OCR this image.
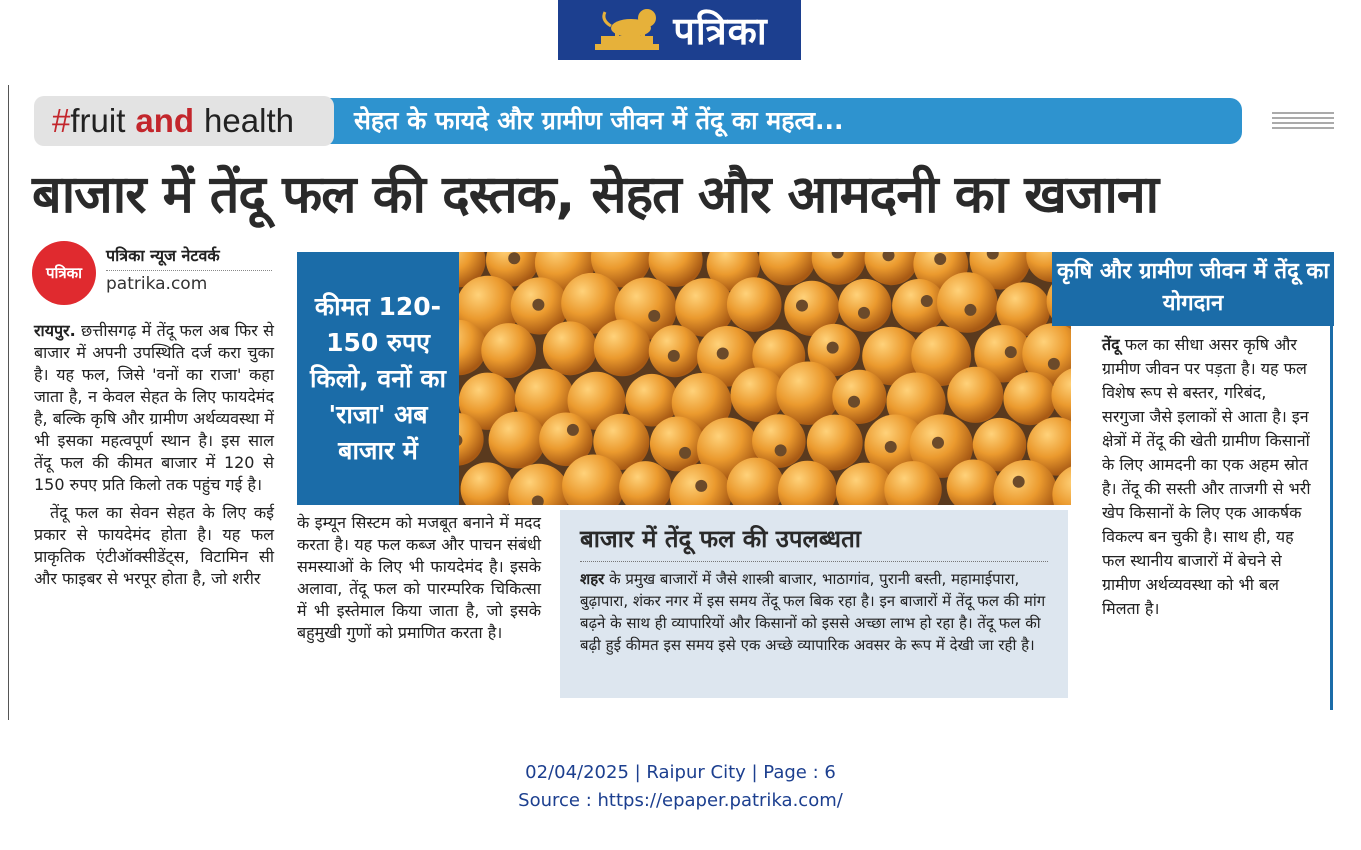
पत्रिका
सेहत के फायदे और ग्रामीण जीवन में तेंदू का महत्व...
# fruit and health
बाजार में तेंदू फल की दस्तक, सेहत और आमदनी का खजाना
पत्रिका
पत्रिका न्यूज नेटवर्क
patrika.com

रायपुर. छत्तीसगढ़ में तेंदू फल अब फिर से बाजार में अपनी उपस्थिति दर्ज करा चुका है। यह फल, जिसे 'वनों का राजा' कहा जाता है, न केवल सेहत के लिए फायदेमंद है, बल्कि कृषि और ग्रामीण अर्थव्यवस्था में भी इसका महत्वपूर्ण स्थान है। इस साल तेंदू फल की कीमत बाजार में 120 से 150 रुपए प्रति किलो तक पहुंच गई है।

तेंदू फल का सेवन सेहत के लिए कई प्रकार से फायदेमंद होता है। यह फल प्राकृतिक एंटीऑक्सीडेंट्स, विटामिन सी और फाइबर से भरपूर होता है, जो शरीर

कीमत 120-150 रुपए किलो, वनों का 'राजा' अब बाजार में

के इम्यून सिस्टम को मजबूत बनाने में मदद करता है। यह फल कब्ज और पाचन संबंधी समस्याओं के लिए भी फायदेमंद है। इसके अलावा, तेंदू फल को पारम्परिक चिकित्सा में भी इस्तेमाल किया जाता है, जो इसके बहुमुखी गुणों को प्रमाणित करता है।

बाजार में तेंदू फल की उपलब्धता
शहर के प्रमुख बाजारों में जैसे शास्त्री बाजार, भाठागांव, पुरानी बस्ती, महामाईपारा, बुढ़ापारा, शंकर नगर में इस समय तेंदू फल बिक रहा है। इन बाजारों में तेंदू फल की मांग बढ़ने के साथ ही व्यापारियों और किसानों को इससे अच्छा लाभ हो रहा है। तेंदू फल की बढ़ी हुई कीमत इस समय इसे एक अच्छे व्यापारिक अवसर के रूप में देखी जा रही है।
कृषि और ग्रामीण जीवन में तेंदू का योगदान
तेंदू फल का सीधा असर कृषि और ग्रामीण जीवन पर पड़ता है। यह फल विशेष रूप से बस्तर, गरिबंद, सरगुजा जैसे इलाकों से आता है। इन क्षेत्रों में तेंदू की खेती ग्रामीण किसानों के लिए आमदनी का एक अहम स्रोत है। तेंदू की सस्ती और ताजगी से भरी खेप किसानों के लिए एक आकर्षक विकल्प बन चुकी है। साथ ही, यह फल स्थानीय बाजारों में बेचने से ग्रामीण अर्थव्यवस्था को भी बल मिलता है।
02/04/2025 | Raipur City | Page : 6
Source : https://epaper.patrika.com/
